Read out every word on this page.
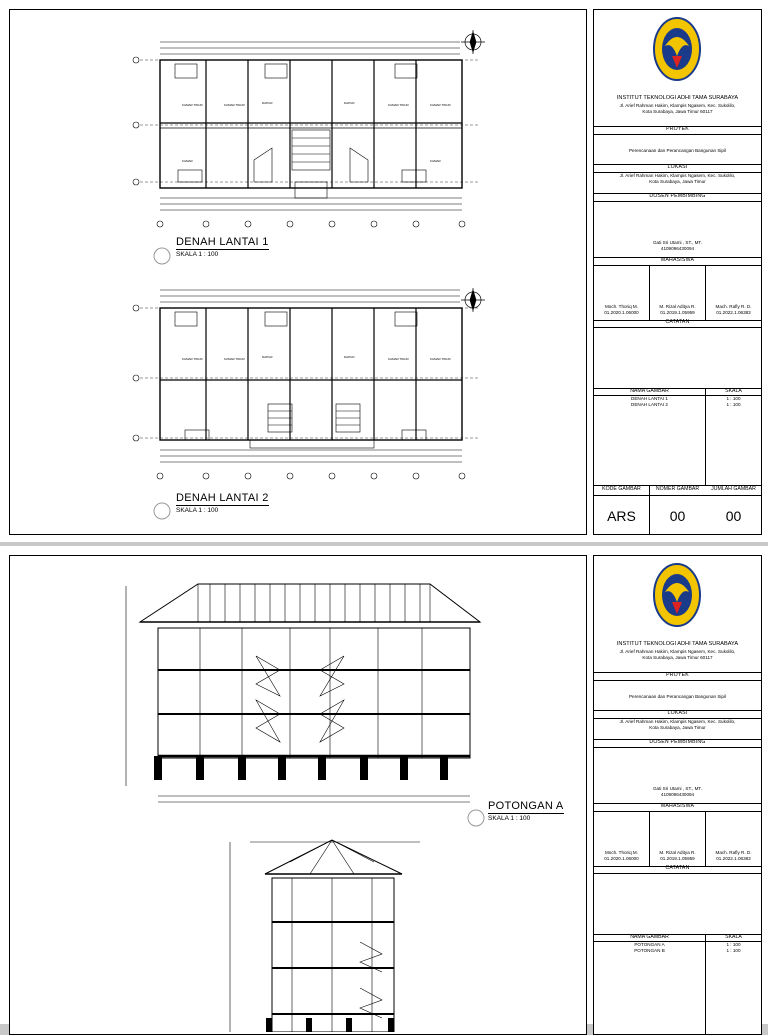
KAMAR TIDUR	KAMAR TIDUR	DAPUR	DAPUR	KAMAR TIDUR	KAMAR TIDUR
KAMAR	KAMAR
DENAH LANTAI 1
SKALA 1 : 100
KAMAR TIDUR	KAMAR TIDUR	DAPUR	DAPUR	KAMAR TIDUR	KAMAR TIDUR
DENAH LANTAI 2
SKALA 1 : 100
INSTITUT TEKNOLOGI ADHI TAMA SURABAYA
Jl. Arief Rahman Hakim, Klampis Ngasem, Kec. Sukolilo,
Kota Surabaya, Jawa Timur 60117
PROYEK
Perencanaan dan Perancangan Bangunan Sipil
LOKASI
Jl. Arief Rahman Hakim, Klampis Ngasem, Kec. Sukolilo,
Kota Surabaya, Jawa Timur
DOSEN PEMBIMBING
Gati Sri Utami , ST., MT.
4109096430094
MAHASISWA
Moch. Thoriq M.
01.2020.1.06000
M. Rizal Aditya R.
01.2019.1.05959
Mach. Rafly R. D.
01.2022.1.06383
CATATAN
NAMA GAMBAR	SKALA
DENAH LANTAI 1	1 : 100
DENAH LANTAI 2	1 : 100
KODE GAMBAR	NOMER GAMBAR	JUMLAH GAMBAR
ARS	00	00
POTONGAN A
SKALA 1 : 100
INSTITUT TEKNOLOGI ADHI TAMA SURABAYA
Jl. Arief Rahman Hakim, Klampis Ngasem, Kec. Sukolilo,
Kota Surabaya, Jawa Timur 60117
PROYEK
Perencanaan dan Perancangan Bangunan Sipil
LOKASI
Jl. Arief Rahman Hakim, Klampis Ngasem, Kec. Sukolilo,
Kota Surabaya, Jawa Timur
DOSEN PEMBIMBING
Gati Sri Utami , ST., MT.
4109096430094
MAHASISWA
Moch. Thoriq M.
01.2020.1.06000
M. Rizal Aditya R.
01.2019.1.05959
Mach. Rafly R. D.
01.2022.1.06383
CATATAN
NAMA GAMBAR	SKALA
POTONGAN A	1 : 100
POTONGAN B	1 : 100
